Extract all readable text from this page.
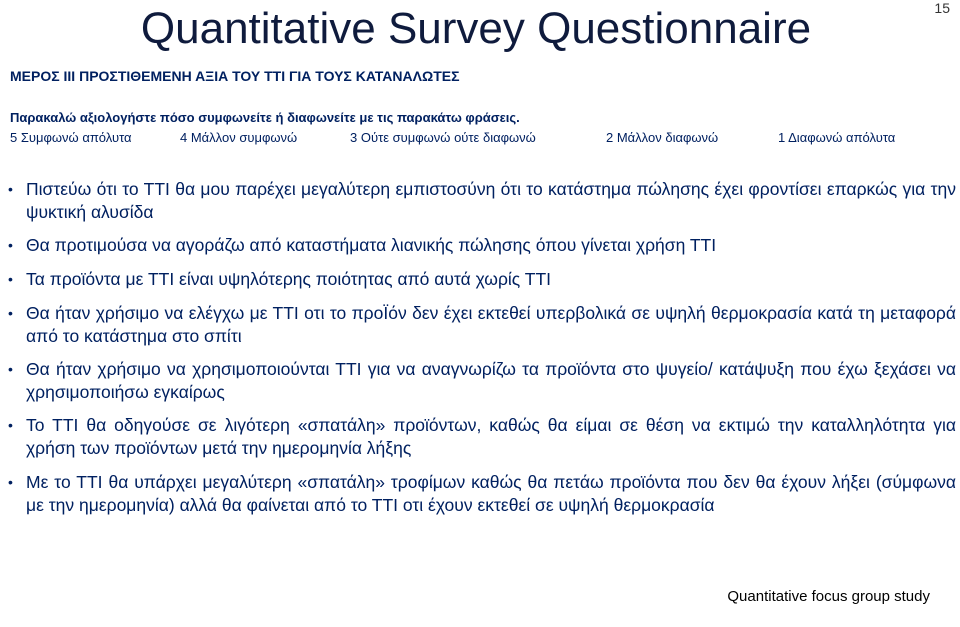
Quantitative Survey Questionnaire	15
ΜΕΡΟΣ ΙΙΙ ΠΡΟΣΤΙΘΕΜΕΝΗ ΑΞΙΑ ΤΟΥ ΤΤΙ ΓΙΑ ΤΟΥΣ ΚΑΤΑΝΑΛΩΤΕΣ
Παρακαλώ αξιολογήστε πόσο συμφωνείτε ή διαφωνείτε με τις παρακάτω φράσεις.
5 Συμφωνώ απόλυτα	4 Μάλλον συμφωνώ	3 Ούτε συμφωνώ ούτε διαφωνώ	2 Μάλλον διαφωνώ	1 Διαφωνώ απόλυτα
• Πιστεύω ότι το ΤΤΙ θα μου παρέχει μεγαλύτερη εμπιστοσύνη ότι το κατάστημα πώλησης έχει φροντίσει επαρκώς για την ψυκτική αλυσίδα
• Θα προτιμούσα να αγοράζω από καταστήματα λιανικής πώλησης όπου γίνεται χρήση ΤΤΙ
• Τα προϊόντα με ΤΤΙ είναι υψηλότερης ποιότητας από αυτά χωρίς ΤΤΙ
• Θα ήταν χρήσιμο να ελέγχω με ΤΤΙ οτι το προΪόν δεν έχει εκτεθεί υπερβολικά σε υψηλή θερμοκρασία κατά τη μεταφορά από το κατάστημα στο σπίτι
• Θα ήταν χρήσιμο να χρησιμοποιούνται ΤΤΙ για να αναγνωρίζω τα προϊόντα στο ψυγείο/ κατάψυξη που έχω ξεχάσει να χρησιμοποιήσω εγκαίρως
• Το ΤΤΙ θα οδηγούσε σε λιγότερη «σπατάλη» προϊόντων, καθώς θα είμαι σε θέση να εκτιμώ την καταλληλότητα για χρήση των προϊόντων μετά την ημερομηνία λήξης
• Με το ΤΤΙ θα υπάρχει μεγαλύτερη «σπατάλη» τροφίμων καθώς θα πετάω προϊόντα που δεν θα έχουν λήξει (σύμφωνα με την ημερομηνία) αλλά θα φαίνεται από το ΤΤΙ οτι έχουν εκτεθεί σε υψηλή θερμοκρασία
Quantitative focus group study
